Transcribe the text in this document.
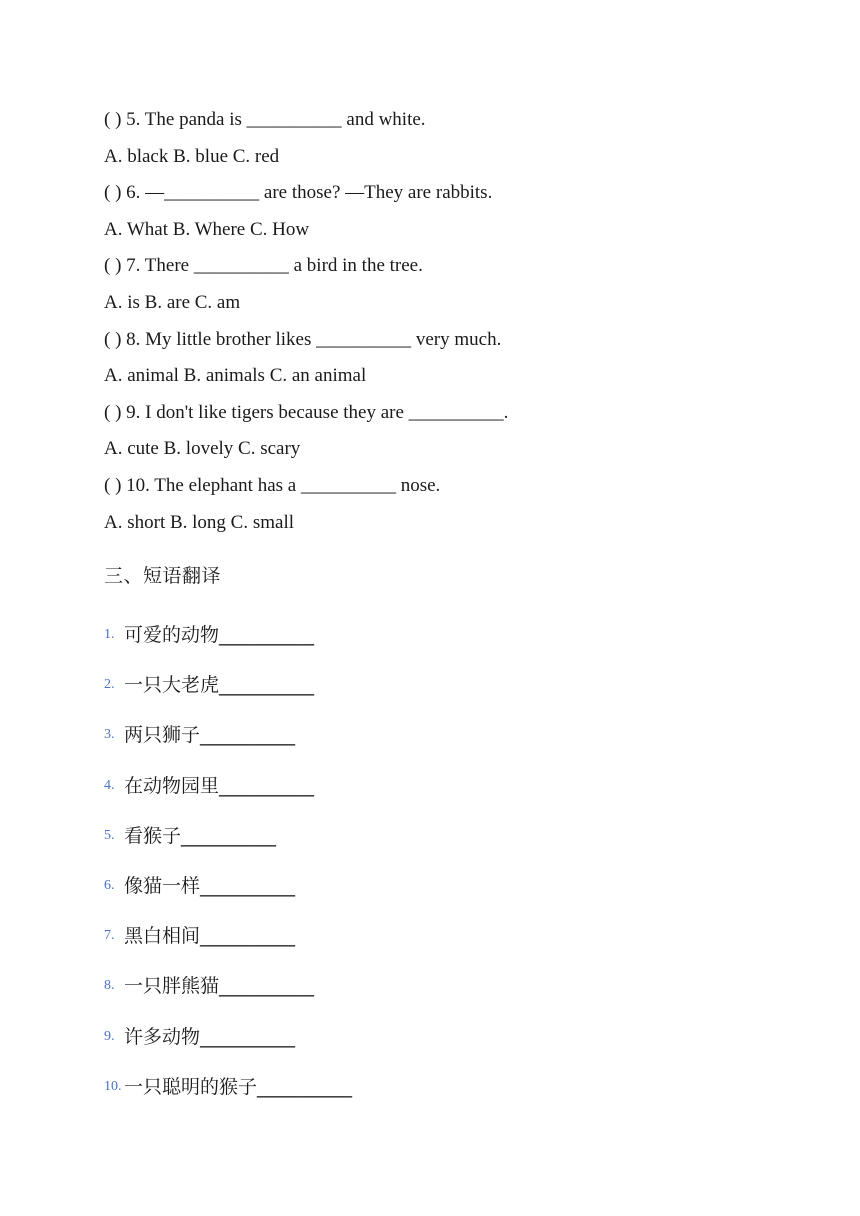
( ) 5. The panda is __________ and white.
A. black B. blue C. red
( ) 6. —__________ are those? —They are rabbits.
A. What B. Where C. How
( ) 7. There __________ a bird in the tree.
A. is B. are C. am
( ) 8. My little brother likes __________ very much.
A. animal B. animals C. an animal
( ) 9. I don't like tigers because they are __________.
A. cute B. lovely C. scary
( ) 10. The elephant has a __________ nose.
A. short B. long C. small
三、短语翻译
1. 可爱的动物__________
2. 一只大老虎__________
3. 两只狮子__________
4. 在动物园里__________
5. 看猴子__________
6. 像猫一样__________
7. 黑白相间__________
8. 一只胖熊猫__________
9. 许多动物__________
10. 一只聪明的猴子__________
